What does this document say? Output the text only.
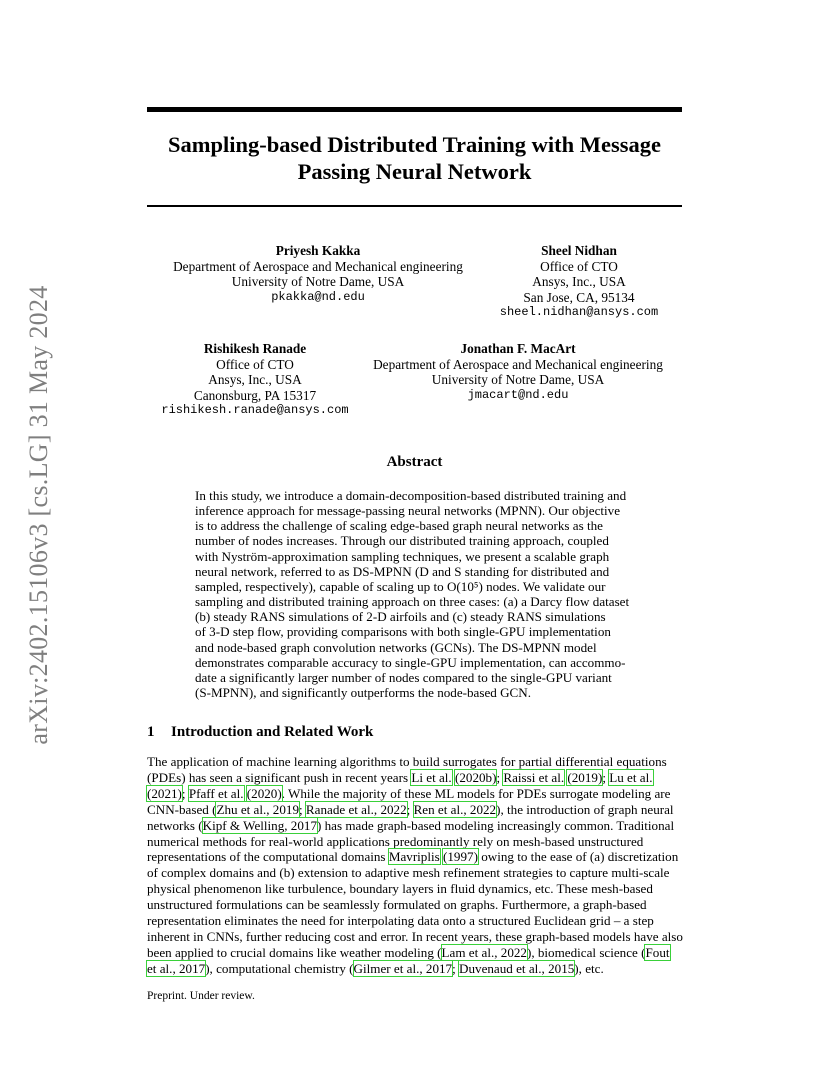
arXiv:2402.15106v3 [cs.LG] 31 May 2024
Sampling-based Distributed Training with Message
Passing Neural Network
Priyesh Kakka
Department of Aerospace and Mechanical engineering
University of Notre Dame, USA
pkakka@nd.edu
Sheel Nidhan
Office of CTO
Ansys, Inc., USA
San Jose, CA, 95134
sheel.nidhan@ansys.com
Rishikesh Ranade
Office of CTO
Ansys, Inc., USA
Canonsburg, PA 15317
rishikesh.ranade@ansys.com
Jonathan F. MacArt
Department of Aerospace and Mechanical engineering
University of Notre Dame, USA
jmacart@nd.edu
Abstract
In this study, we introduce a domain-decomposition-based distributed training and
inference approach for message-passing neural networks (MPNN). Our objective
is to address the challenge of scaling edge-based graph neural networks as the
number of nodes increases. Through our distributed training approach, coupled
with Nyström-approximation sampling techniques, we present a scalable graph
neural network, referred to as DS-MPNN (D and S standing for distributed and
sampled, respectively), capable of scaling up to O(10⁵) nodes. We validate our
sampling and distributed training approach on three cases: (a) a Darcy flow dataset
(b) steady RANS simulations of 2-D airfoils and (c) steady RANS simulations
of 3-D step flow, providing comparisons with both single-GPU implementation
and node-based graph convolution networks (GCNs). The DS-MPNN model
demonstrates comparable accuracy to single-GPU implementation, can accommo-
date a significantly larger number of nodes compared to the single-GPU variant
(S-MPNN), and significantly outperforms the node-based GCN.
1 Introduction and Related Work
The application of machine learning algorithms to build surrogates for partial differential equations
(PDEs) has seen a significant push in recent years Li et al. (2020b); Raissi et al. (2019); Lu et al.
(2021); Pfaff et al. (2020). While the majority of these ML models for PDEs surrogate modeling are
CNN-based (Zhu et al., 2019; Ranade et al., 2022; Ren et al., 2022), the introduction of graph neural
networks (Kipf & Welling, 2017) has made graph-based modeling increasingly common. Traditional
numerical methods for real-world applications predominantly rely on mesh-based unstructured
representations of the computational domains Mavriplis (1997) owing to the ease of (a) discretization
of complex domains and (b) extension to adaptive mesh refinement strategies to capture multi-scale
physical phenomenon like turbulence, boundary layers in fluid dynamics, etc. These mesh-based
unstructured formulations can be seamlessly formulated on graphs. Furthermore, a graph-based
representation eliminates the need for interpolating data onto a structured Euclidean grid – a step
inherent in CNNs, further reducing cost and error. In recent years, these graph-based models have also
been applied to crucial domains like weather modeling (Lam et al., 2022), biomedical science (Fout
et al., 2017), computational chemistry (Gilmer et al., 2017; Duvenaud et al., 2015), etc.
Preprint. Under review.
